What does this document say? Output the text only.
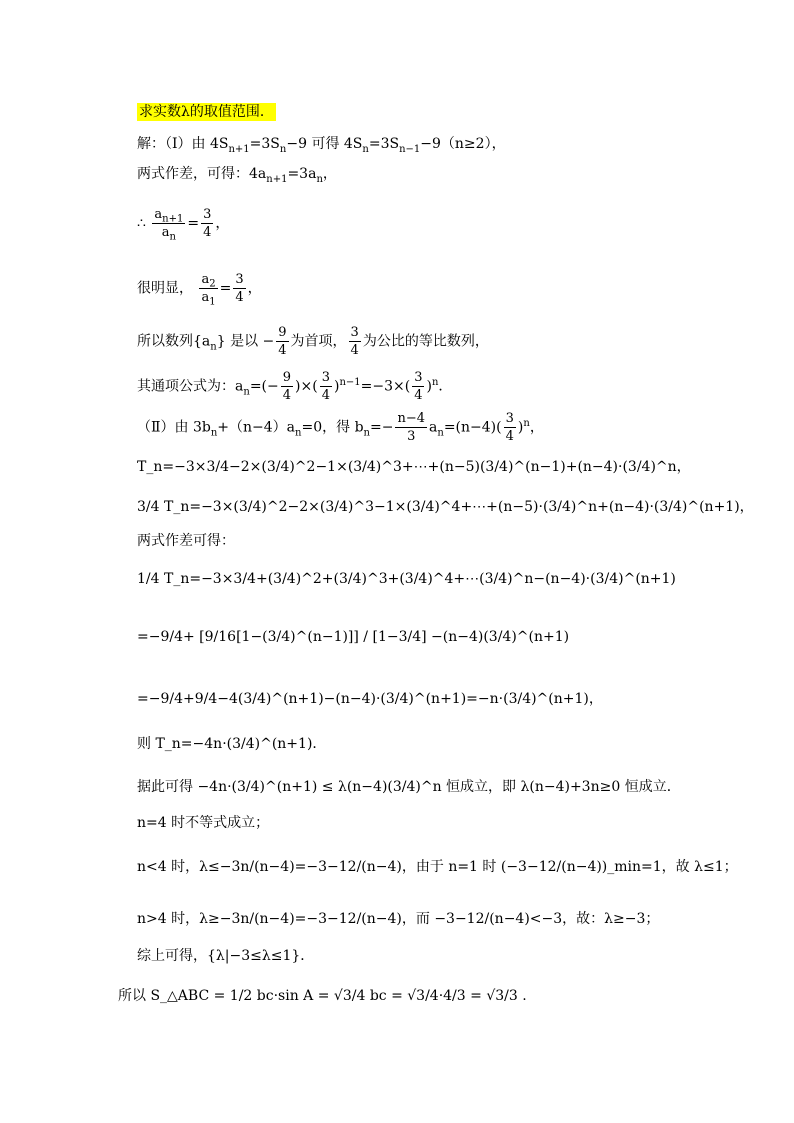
求实数λ的取值范围．
解：（Ⅰ）由 $4S_{n+1}=3S_n-9$ 可得 $4S_n=3S_{n-1}-9(n\ge 2)$，
两式作差，可得：$4a_{n+1}=3a_n$，
∴ $\frac{a_{n+1}}{a_n} = \frac{3}{4}$ ，
很明显， $\frac{a_2}{a_1} = \frac{3}{4}$ ，
所以数列$\{a_n\}$ 是以 − $\frac{9}{4}$ 为首项， $\frac{3}{4}$ 为公比的等比数列，
其通项公式为：$a_n=(- \frac{9}{4}$ )×( $\frac{3}{4} )^{n-1}=-3\times( \frac{3}{4} )^n$．
（Ⅱ）由 $3b_n+(n-4)a_n=0$，得 $b_n=- \frac{n-4}{3} a_n=(n-4)( \frac{3}{4} )^n$，
T_n=−3×3/4−2×(3/4)^2−1×(3/4)^3+⋯+(n−5)(3/4)^(n−1)+(n−4)·(3/4)^n，
3/4 T_n=−3×(3/4)^2−2×(3/4)^3−1×(3/4)^4+⋯+(n−5)·(3/4)^n+(n−4)·(3/4)^(n+1)，
两式作差可得：
1/4 T_n=−3×3/4+(3/4)^2+(3/4)^3+(3/4)^4+⋯(3/4)^n−(n−4)·(3/4)^(n+1)
=−9/4+ [9/16[1−(3/4)^(n−1)]] / [1−3/4] −(n−4)(3/4)^(n+1)
=−9/4+9/4−4(3/4)^(n+1)−(n−4)·(3/4)^(n+1)=−n·(3/4)^(n+1)，
则 T_n=−4n·(3/4)^(n+1)．
据此可得 −4n·(3/4)^(n+1) ≤ λ(n−4)(3/4)^n 恒成立，即 λ(n−4)+3n≥0 恒成立．
n=4 时不等式成立；
n<4 时，λ≤−3n/(n−4)=−3−12/(n−4)，由于 n=1 时 (−3−12/(n−4))_min=1，故 λ≤1；
n>4 时，λ≥−3n/(n−4)=−3−12/(n−4)，而 −3−12/(n−4)<−3，故：λ≥−3；
综上可得，{λ|−3≤λ≤1}．
所以 S_△ABC = 1/2 bc·sin A = √3/4 bc = √3/4·4/3 = √3/3 .
